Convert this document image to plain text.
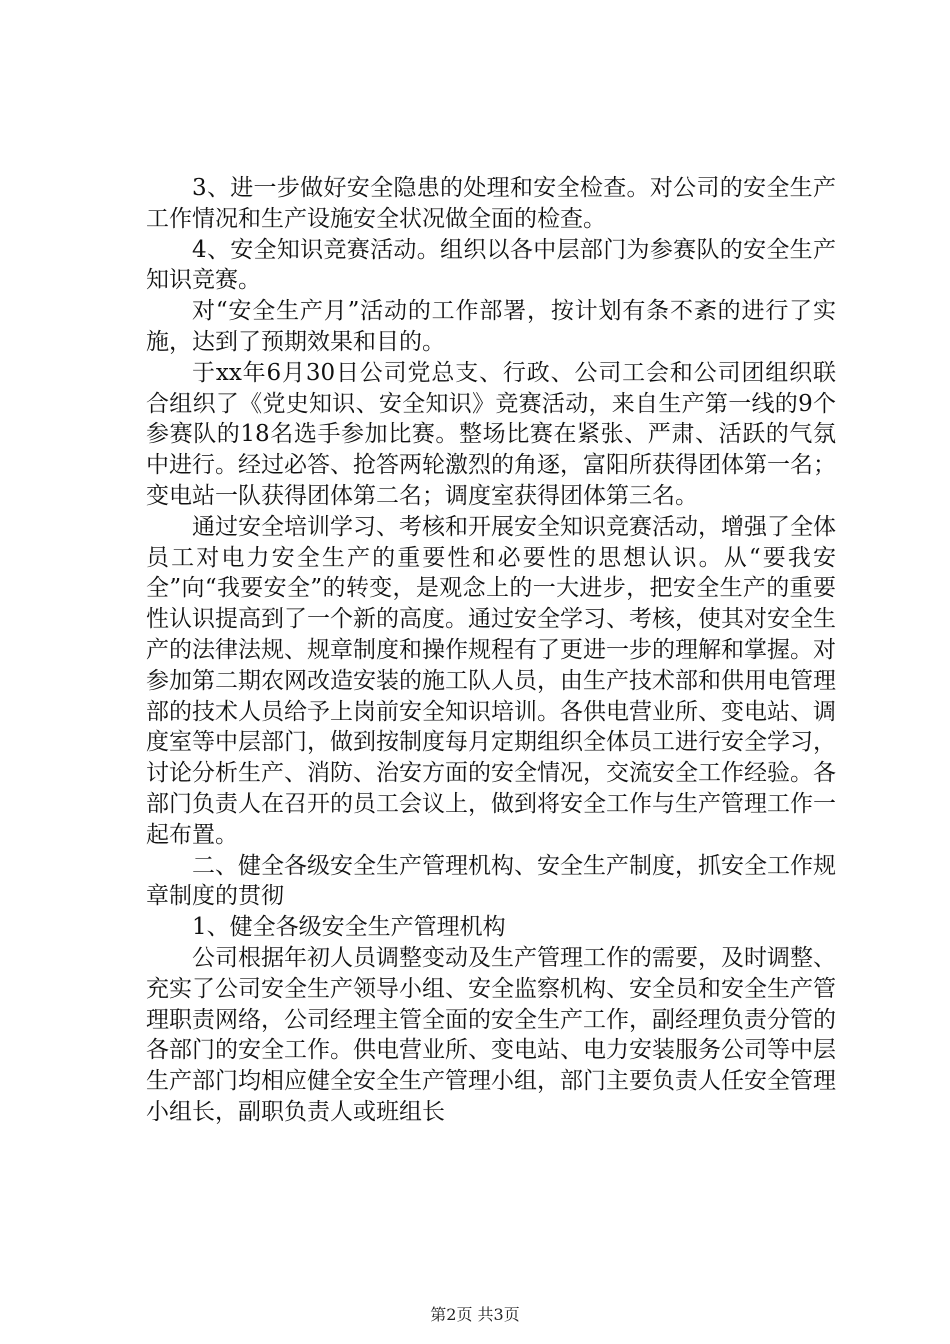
3、进一步做好安全隐患的处理和安全检查。对公司的安全生产工作情况和生产设施安全状况做全面的检查。

4、安全知识竞赛活动。组织以各中层部门为参赛队的安全生产知识竞赛。

对“安全生产月”活动的工作部署，按计划有条不紊的进行了实施，达到了预期效果和目的。

于xx年6月30日公司党总支、行政、公司工会和公司团组织联合组织了《党史知识、安全知识》竞赛活动，来自生产第一线的9个参赛队的18名选手参加比赛。整场比赛在紧张、严肃、活跃的气氛中进行。经过必答、抢答两轮激烈的角逐，富阳所获得团体第一名；变电站一队获得团体第二名；调度室获得团体第三名。

通过安全培训学习、考核和开展安全知识竞赛活动，增强了全体员工对电力安全生产的重要性和必要性的思想认识。从“要我安全”向“我要安全”的转变，是观念上的一大进步，把安全生产的重要性认识提高到了一个新的高度。通过安全学习、考核，使其对安全生产的法律法规、规章制度和操作规程有了更进一步的理解和掌握。对参加第二期农网改造安装的施工队人员，由生产技术部和供用电管理部的技术人员给予上岗前安全知识培训。各供电营业所、变电站、调度室等中层部门，做到按制度每月定期组织全体员工进行安全学习，讨论分析生产、消防、治安方面的安全情况，交流安全工作经验。各部门负责人在召开的员工会议上，做到将安全工作与生产管理工作一起布置。

二、健全各级安全生产管理机构、安全生产制度，抓安全工作规章制度的贯彻

1、健全各级安全生产管理机构

公司根据年初人员调整变动及生产管理工作的需要，及时调整、充实了公司安全生产领导小组、安全监察机构、安全员和安全生产管理职责网络，公司经理主管全面的安全生产工作，副经理负责分管的各部门的安全工作。供电营业所、变电站、电力安装服务公司等中层生产部门均相应健全安全生产管理小组，部门主要负责人任安全管理小组长，副职负责人或班组长

第2页 共3页
